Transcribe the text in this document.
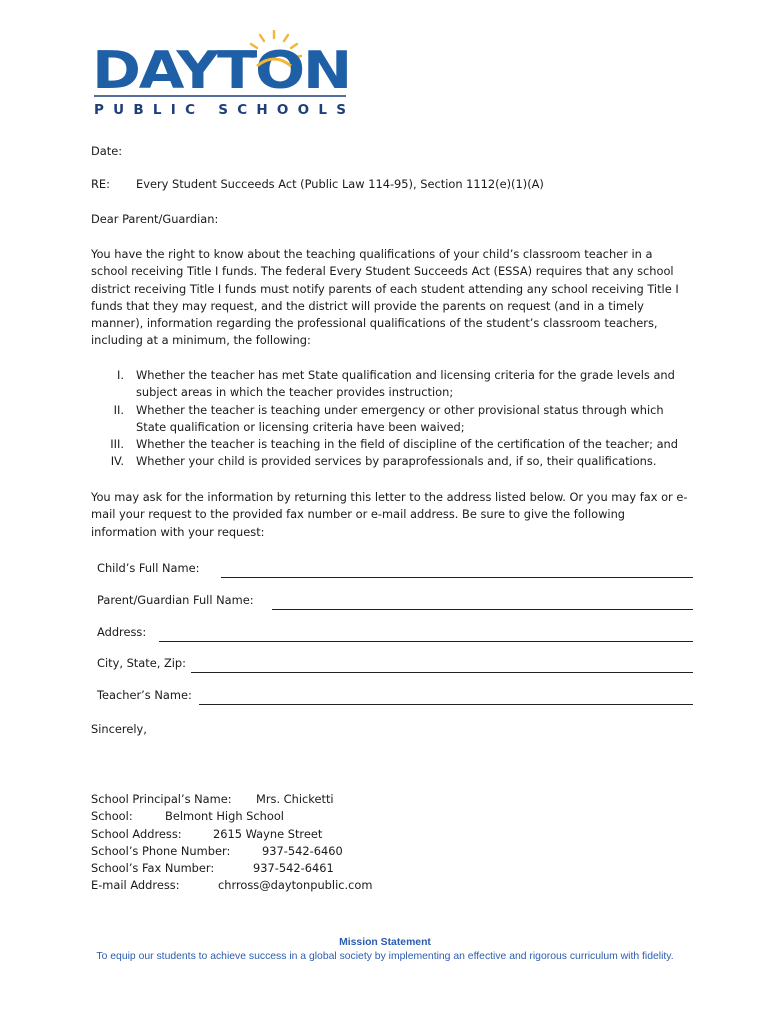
DAYTON
PUBLIC SCHOOLS
Date:
RE: Every Student Succeeds Act (Public Law 114-95), Section 1112(e)(1)(A)
Dear Parent/Guardian:
You have the right to know about the teaching qualifications of your child’s classroom teacher in a school receiving Title I funds. The federal Every Student Succeeds Act (ESSA) requires that any school district receiving Title I funds must notify parents of each student attending any school receiving Title I funds that they may request, and the district will provide the parents on request (and in a timely manner), information regarding the professional qualifications of the student’s classroom teachers, including at a minimum, the following:
I. Whether the teacher has met State qualification and licensing criteria for the grade levels and subject areas in which the teacher provides instruction;
II. Whether the teacher is teaching under emergency or other provisional status through which State qualification or licensing criteria have been waived;
III. Whether the teacher is teaching in the field of discipline of the certification of the teacher; and
IV. Whether your child is provided services by paraprofessionals and, if so, their qualifications.
You may ask for the information by returning this letter to the address listed below. Or you may fax or e-mail your request to the provided fax number or e-mail address. Be sure to give the following information with your request:
Child’s Full Name:
Parent/Guardian Full Name:
Address:
City, State, Zip:
Teacher’s Name:
Sincerely,
School Principal’s Name: Mrs. Chicketti
School:	Belmont High School
School Address:	2615 Wayne Street
School’s Phone Number:	937-542-6460
School’s Fax Number:	937-542-6461
E-mail Address:	chrross@daytonpublic.com
Mission Statement
To equip our students to achieve success in a global society by implementing an effective and rigorous curriculum with fidelity.
